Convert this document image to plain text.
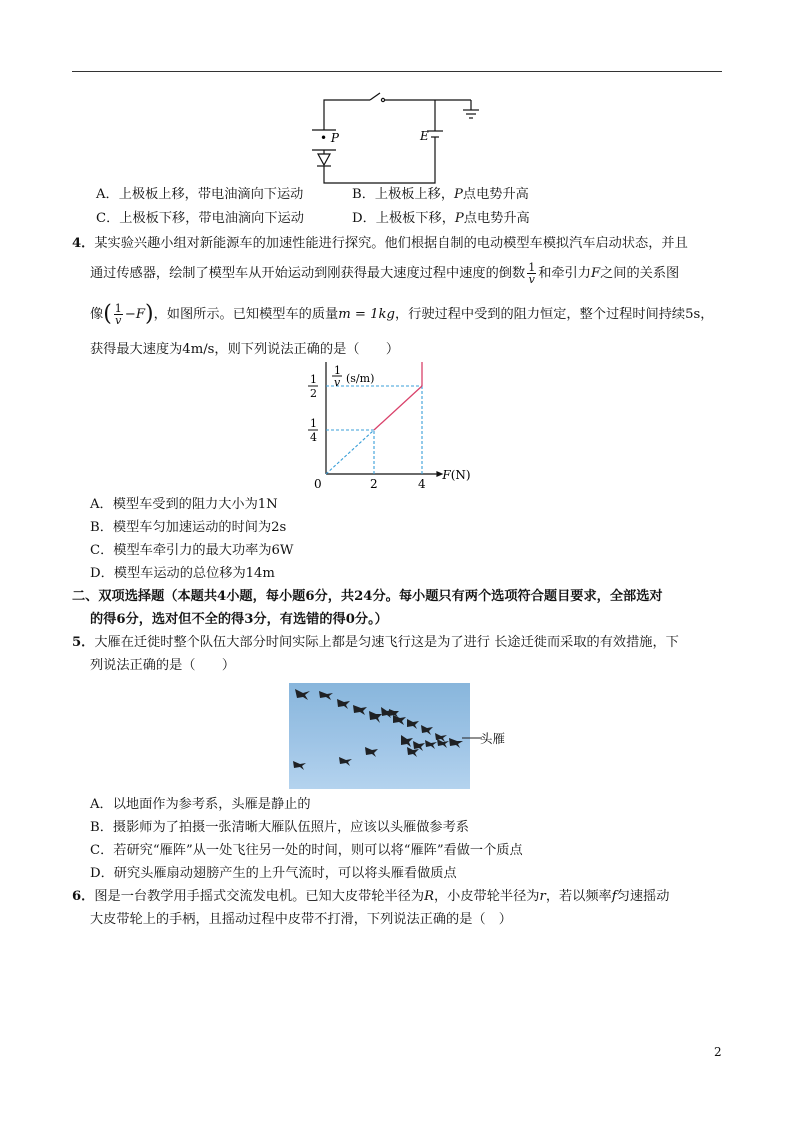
• P	E
A．上极板上移，带电油滴向下运动	B．上极板上移，P点电势升高
C．上极板下移，带电油滴向下运动	D．上极板下移，P点电势升高
4．某实验兴趣小组对新能源车的加速性能进行探究。他们根据自制的电动模型车模拟汽车启动状态，并且
通过传感器，绘制了模型车从开始运动到刚获得最大速度过程中速度的倒数 $\frac{1}{v}$ 和牵引力F之间的关系图
像( $\frac{1}{v} -F$)，如图所示。已知模型车的质量m = 1kg，行驶过程中受到的阻力恒定，整个过程时间持续5s，
获得最大速度为4m/s，则下列说法正确的是（　　）
2	4
0
1
4
1
2
1
v (s/m)
F(N)
A．模型车受到的阻力大小为1N
B．模型车匀加速运动的时间为2s
C．模型车牵引力的最大功率为6W
D．模型车运动的总位移为14m
二、双项选择题（本题共4小题，每小题6分，共24分。每小题只有两个选项符合题目要求，全部选对
的得6分，选对但不全的得3分，有选错的得0分。）
5．大雁在迁徙时整个队伍大部分时间实际上都是匀速飞行这是为了进行 长途迁徙而采取的有效措施，下
列说法正确的是（　　）
头雁
A．以地面作为参考系，头雁是静止的
B．摄影师为了拍摄一张清晰大雁队伍照片，应该以头雁做参考系
C．若研究“雁阵”从一处飞往另一处的时间，则可以将“雁阵”看做一个质点
D．研究头雁扇动翅膀产生的上升气流时，可以将头雁看做质点
6．图是一台教学用手摇式交流发电机。已知大皮带轮半径为R，小皮带轮半径为r，若以频率f匀速摇动
大皮带轮上的手柄，且摇动过程中皮带不打滑，下列说法正确的是（　）
2
